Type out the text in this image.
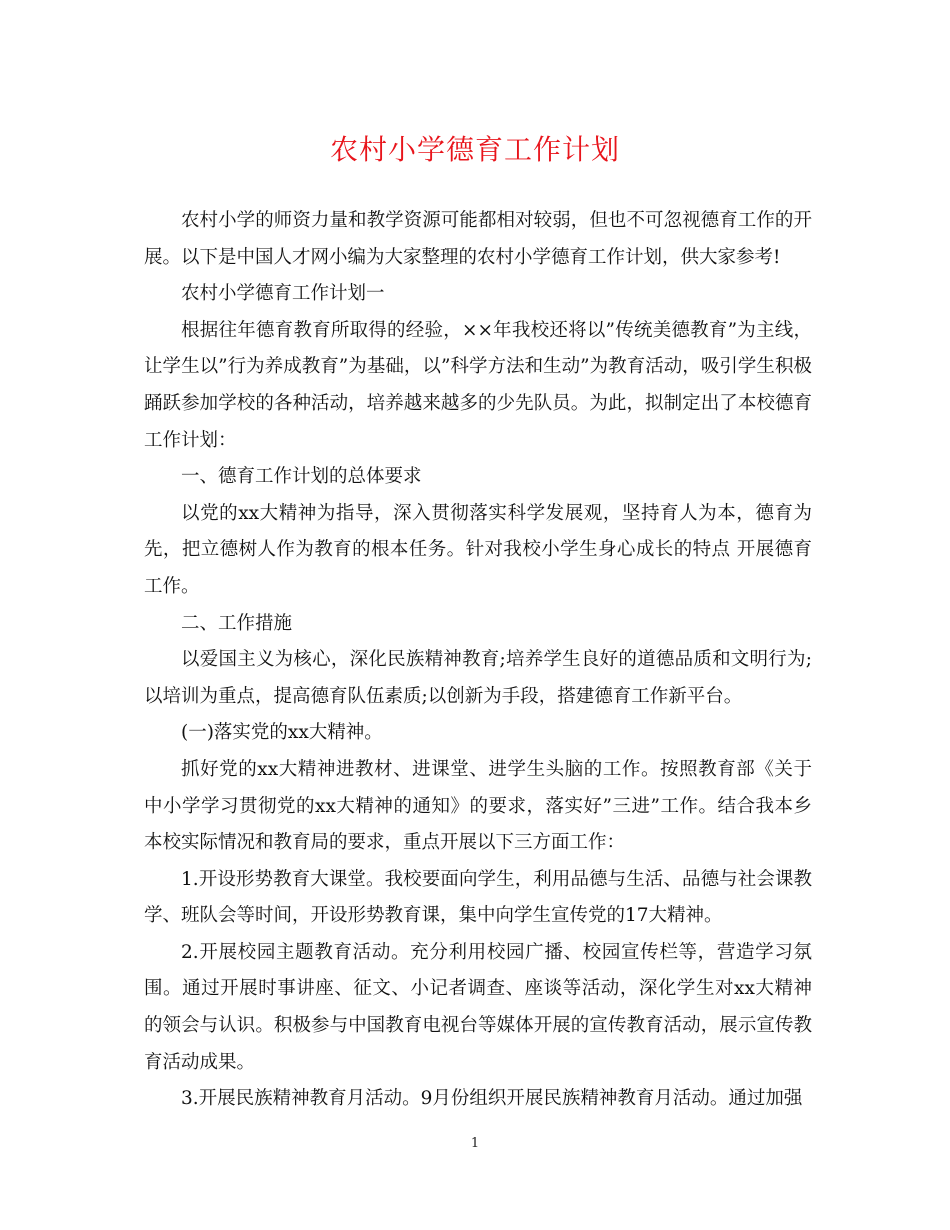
农村小学德育工作计划

农村小学的师资力量和教学资源可能都相对较弱，但也不可忽视德育工作的开展。以下是中国人才网小编为大家整理的农村小学德育工作计划，供大家参考!

农村小学德育工作计划一

根据往年德育教育所取得的经验，××年我校还将以”传统美德教育”为主线，让学生以”行为养成教育”为基础，以”科学方法和生动”为教育活动，吸引学生积极踊跃参加学校的各种活动，培养越来越多的少先队员。为此，拟制定出了本校德育工作计划：

一、德育工作计划的总体要求

以党的xx大精神为指导，深入贯彻落实科学发展观，坚持育人为本，德育为先，把立德树人作为教育的根本任务。针对我校小学生身心成长的特点 开展德育工作。

二、工作措施

以爱国主义为核心，深化民族精神教育;培养学生良好的道德品质和文明行为;以培训为重点，提高德育队伍素质;以创新为手段，搭建德育工作新平台。

(一)落实党的xx大精神。

抓好党的xx大精神进教材、进课堂、进学生头脑的工作。按照教育部《关于中小学学习贯彻党的xx大精神的通知》的要求，落实好”三进”工作。结合我本乡本校实际情况和教育局的要求，重点开展以下三方面工作：

1.开设形势教育大课堂。我校要面向学生，利用品德与生活、品德与社会课教学、班队会等时间，开设形势教育课，集中向学生宣传党的17大精神。

2.开展校园主题教育活动。充分利用校园广播、校园宣传栏等，营造学习氛围。通过开展时事讲座、征文、小记者调查、座谈等活动，深化学生对xx大精神的领会与认识。积极参与中国教育电视台等媒体开展的宣传教育活动，展示宣传教育活动成果。

3.开展民族精神教育月活动。9月份组织开展民族精神教育月活动。通过加强

1
